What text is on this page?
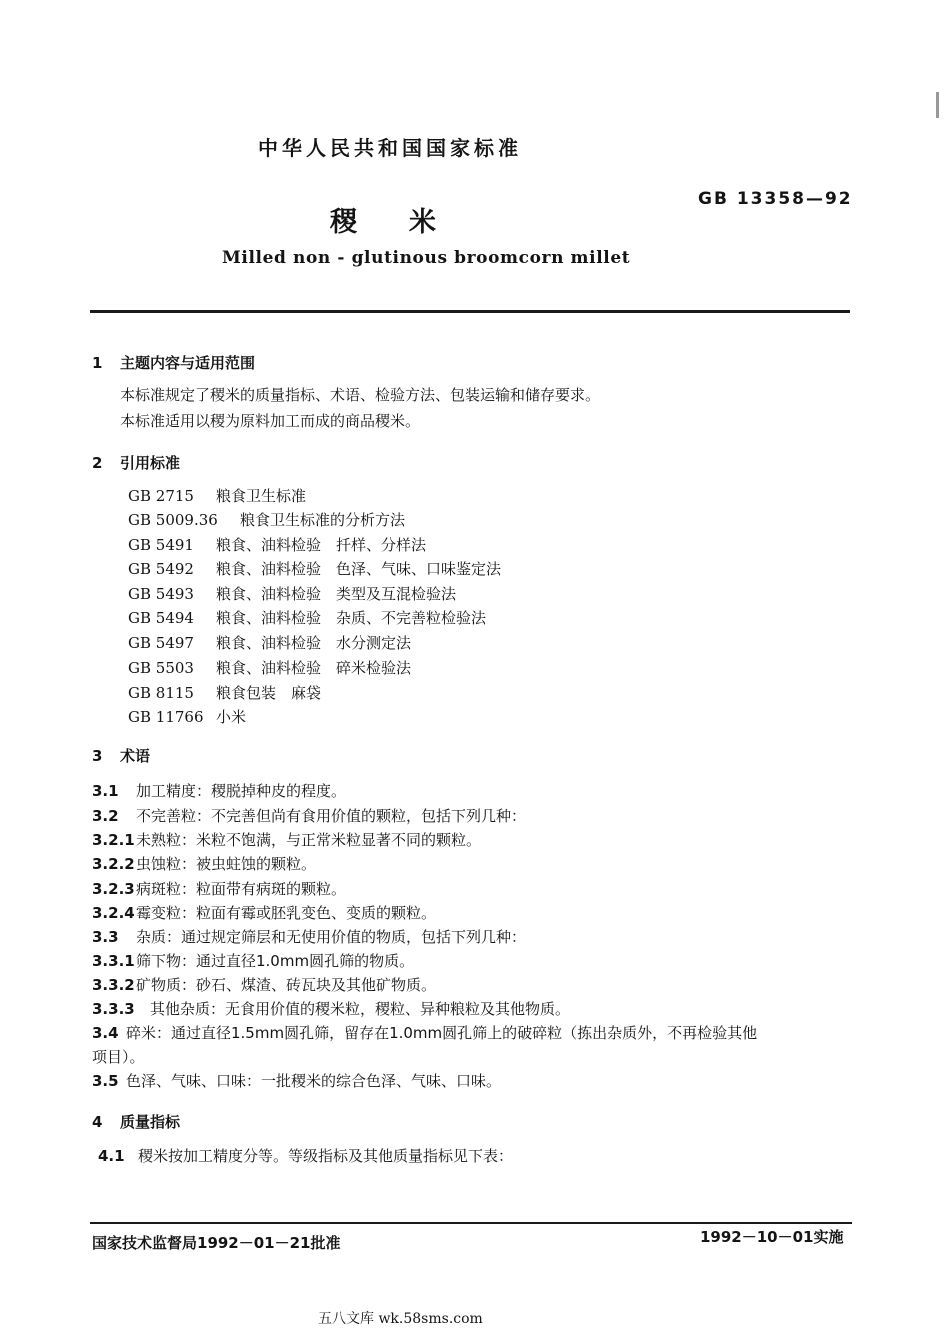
中华人民共和国国家标准
GB 13358—92
稷米
Milled non - glutinous broomcorn millet
1 主题内容与适用范围
本标准规定了稷米的质量指标、术语、检验方法、包装运输和储存要求。
本标准适用以稷为原料加工而成的商品稷米。
2 引用标准
GB 2715 粮食卫生标准
GB 5009.36 粮食卫生标准的分析方法
GB 5491 粮食、油料检验　扦样、分样法
GB 5492 粮食、油料检验　色泽、气味、口味鉴定法
GB 5493 粮食、油料检验　类型及互混检验法
GB 5494 粮食、油料检验　杂质、不完善粒检验法
GB 5497 粮食、油料检验　水分测定法
GB 5503 粮食、油料检验　碎米检验法
GB 8115 粮食包装　麻袋
GB 11766 小米
3 术语
3.1 加工精度：稷脱掉种皮的程度。
3.2 不完善粒：不完善但尚有食用价值的颗粒，包括下列几种：
3.2.1未熟粒：米粒不饱满，与正常米粒显著不同的颗粒。
3.2.2虫蚀粒：被虫蛀蚀的颗粒。
3.2.3病斑粒：粒面带有病斑的颗粒。
3.2.4霉变粒：粒面有霉或胚乳变色、变质的颗粒。
3.3 杂质：通过规定筛层和无使用价值的物质，包括下列几种：
3.3.1筛下物：通过直径1.0mm圆孔筛的物质。
3.3.2矿物质：砂石、煤渣、砖瓦块及其他矿物质。
3.3.3 其他杂质：无食用价值的稷米粒，稷粒、异种粮粒及其他物质。
3.4 碎米：通过直径1.5mm圆孔筛，留存在1.0mm圆孔筛上的破碎粒（拣出杂质外，不再检验其他
项目）。
3.5 色泽、气味、口味：一批稷米的综合色泽、气味、口味。
4 质量指标
4.1 稷米按加工精度分等。等级指标及其他质量指标见下表：
国家技术监督局1992－01－21批准	1992－10－01实施
五八文库 wk.58sms.com
